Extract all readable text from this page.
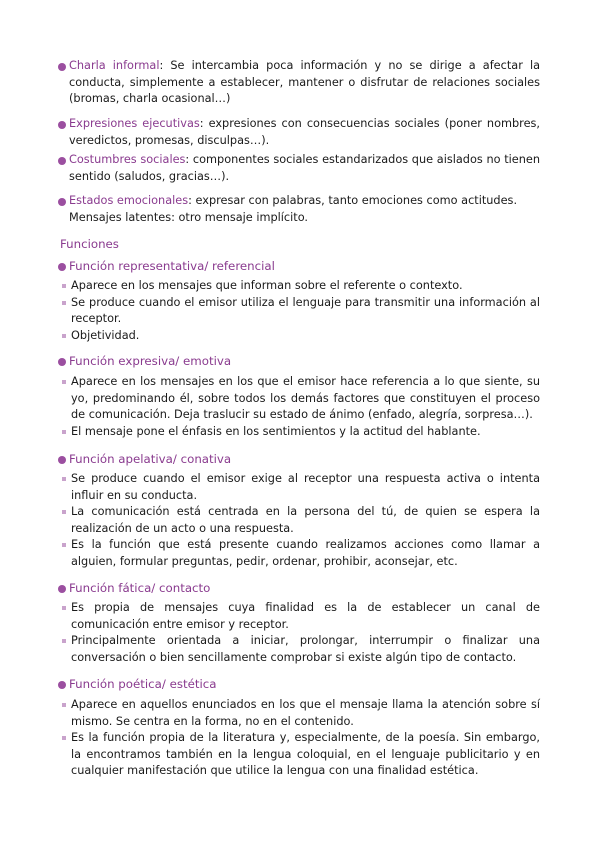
Charla informal: Se intercambia poca información y no se dirige a afectar la conducta, simplemente a establecer, mantener o disfrutar de relaciones sociales (bromas, charla ocasional…)
Expresiones ejecutivas: expresiones con consecuencias sociales (poner nombres, veredictos, promesas, disculpas…).
Costumbres sociales: componentes sociales estandarizados que aislados no tienen sentido (saludos, gracias…).
Estados emocionales: expresar con palabras, tanto emociones como actitudes.
Mensajes latentes: otro mensaje implícito.
Funciones
Función representativa/ referencial
Aparece en los mensajes que informan sobre el referente o contexto.
Se produce cuando el emisor utiliza el lenguaje para transmitir una información al receptor.
Objetividad.
Función expresiva/ emotiva
Aparece en los mensajes en los que el emisor hace referencia a lo que siente, su yo, predominando él, sobre todos los demás factores que constituyen el proceso de comunicación. Deja traslucir su estado de ánimo (enfado, alegría, sorpresa…).
El mensaje pone el énfasis en los sentimientos y la actitud del hablante.
Función apelativa/ conativa
Se produce cuando el emisor exige al receptor una respuesta activa o intenta influir en su conducta.
La comunicación está centrada en la persona del tú, de quien se espera la realización de un acto o una respuesta.
Es la función que está presente cuando realizamos acciones como llamar a alguien, formular preguntas, pedir, ordenar, prohibir, aconsejar, etc.
Función fática/ contacto
Es propia de mensajes cuya finalidad es la de establecer un canal de comunicación entre emisor y receptor.
Principalmente orientada a iniciar, prolongar, interrumpir o finalizar una conversación o bien sencillamente comprobar si existe algún tipo de contacto.
Función poética/ estética
Aparece en aquellos enunciados en los que el mensaje llama la atención sobre sí mismo. Se centra en la forma, no en el contenido.
Es la función propia de la literatura y, especialmente, de la poesía. Sin embargo, la encontramos también en la lengua coloquial, en el lenguaje publicitario y en cualquier manifestación que utilice la lengua con una finalidad estética.
